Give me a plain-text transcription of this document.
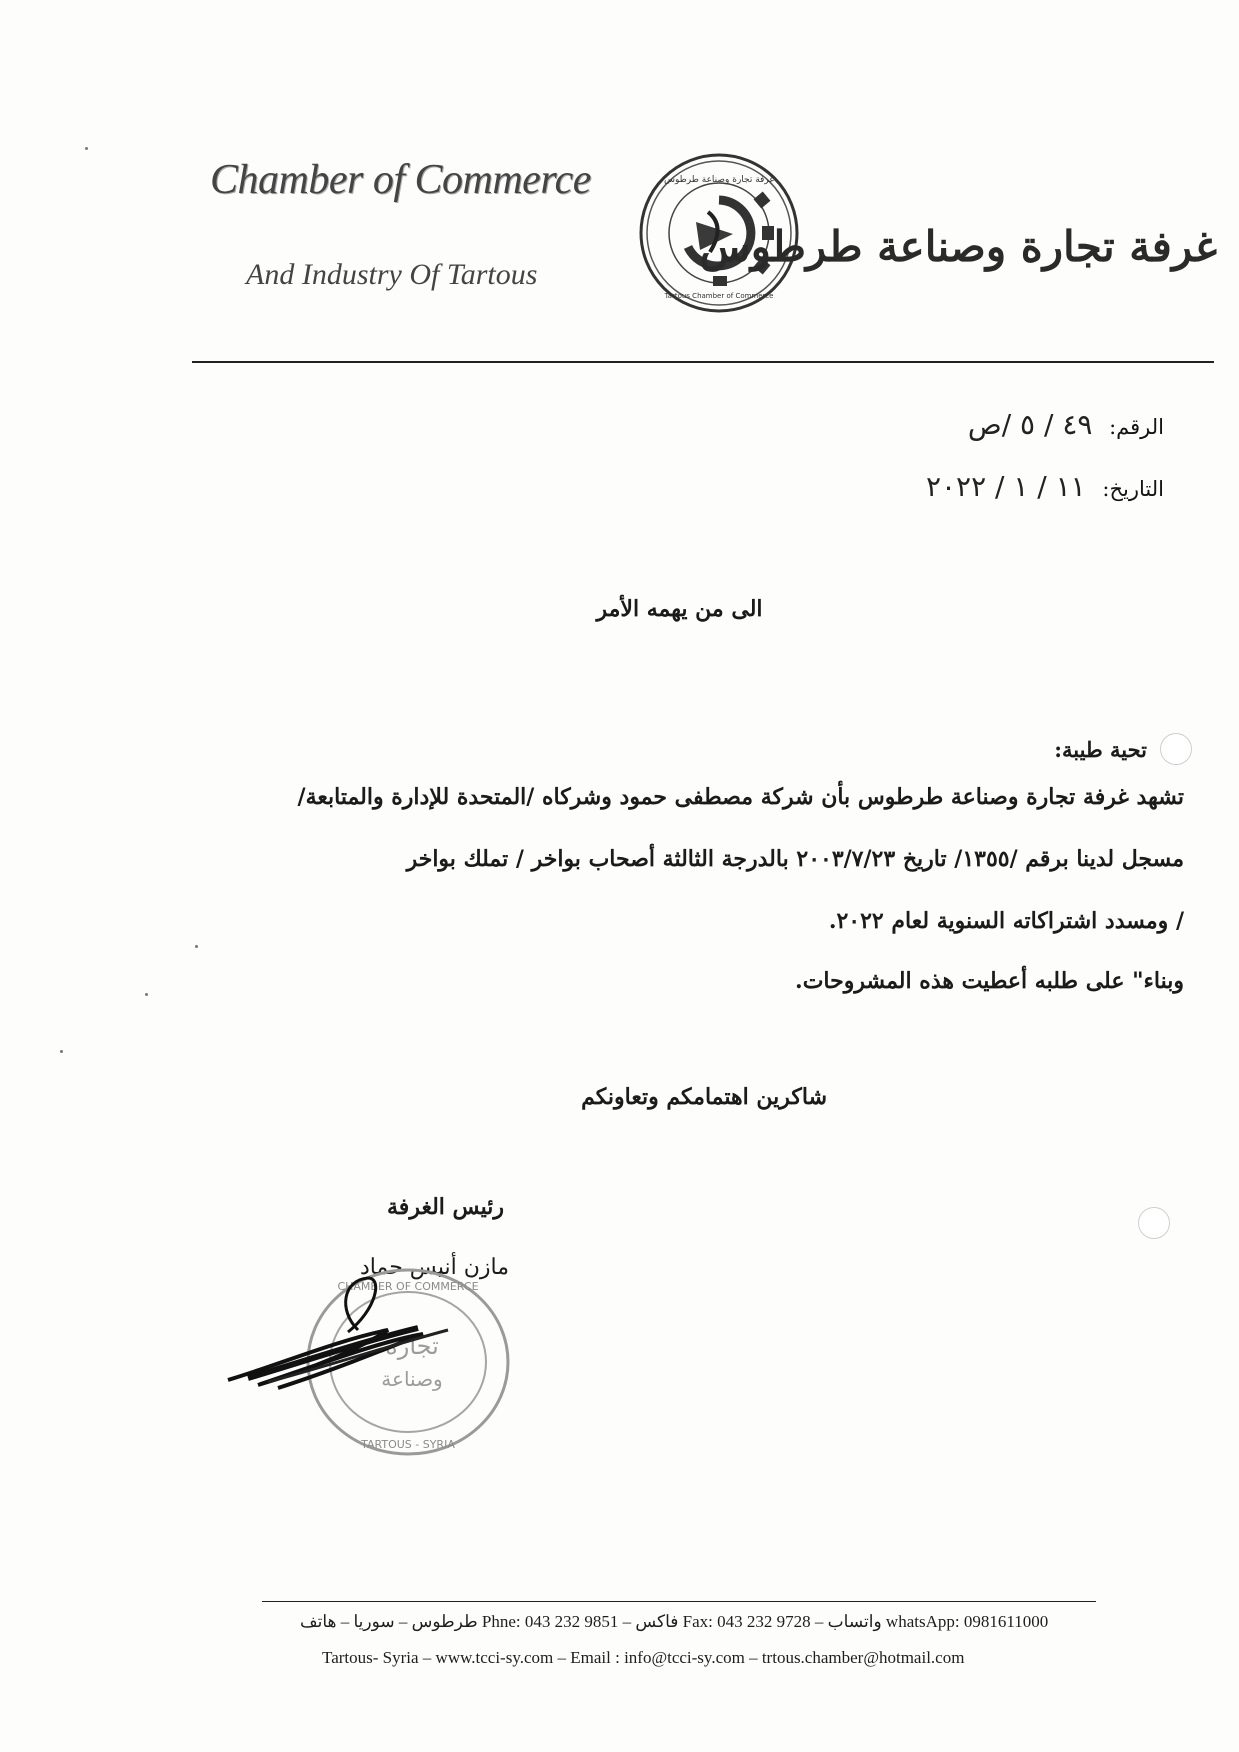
Chamber of Commerce
And Industry Of Tartous
غرفة تجارة وصناعة طرطوس
Tartous Chamber of Commerce
غرفة تجارة وصناعة طرطوس
الرقم: ٤٩ / ٥ /ص
التاريخ: ١١ / ١ / ٢٠٢٢
الى من يهمه الأمر
تحية طيبة:
تشهد غرفة تجارة وصناعة طرطوس بأن شركة مصطفى حمود وشركاه /المتحدة للإدارة والمتابعة/
مسجل لدينا برقم /١٣٥٥/ تاريخ ٢٠٠٣/٧/٢٣ بالدرجة الثالثة أصحاب بواخر / تملك بواخر
/ ومسدد اشتراكاته السنوية لعام ٢٠٢٢.
وبناء" على طلبه أعطيت هذه المشروحات.
شاكرين اهتمامكم وتعاونكم
رئيس الغرفة
مازن أنيس حماد
CHAMBER OF COMMERCE
TARTOUS - SYRIA
تجارة
وصناعة
طرطوس – سوريا – هاتف Phne: 043 232 9851 – فاكس Fax: 043 232 9728 – واتساب whatsApp: 0981611000
Tartous- Syria – www.tcci-sy.com – Email : info@tcci-sy.com – trtous.chamber@hotmail.com
